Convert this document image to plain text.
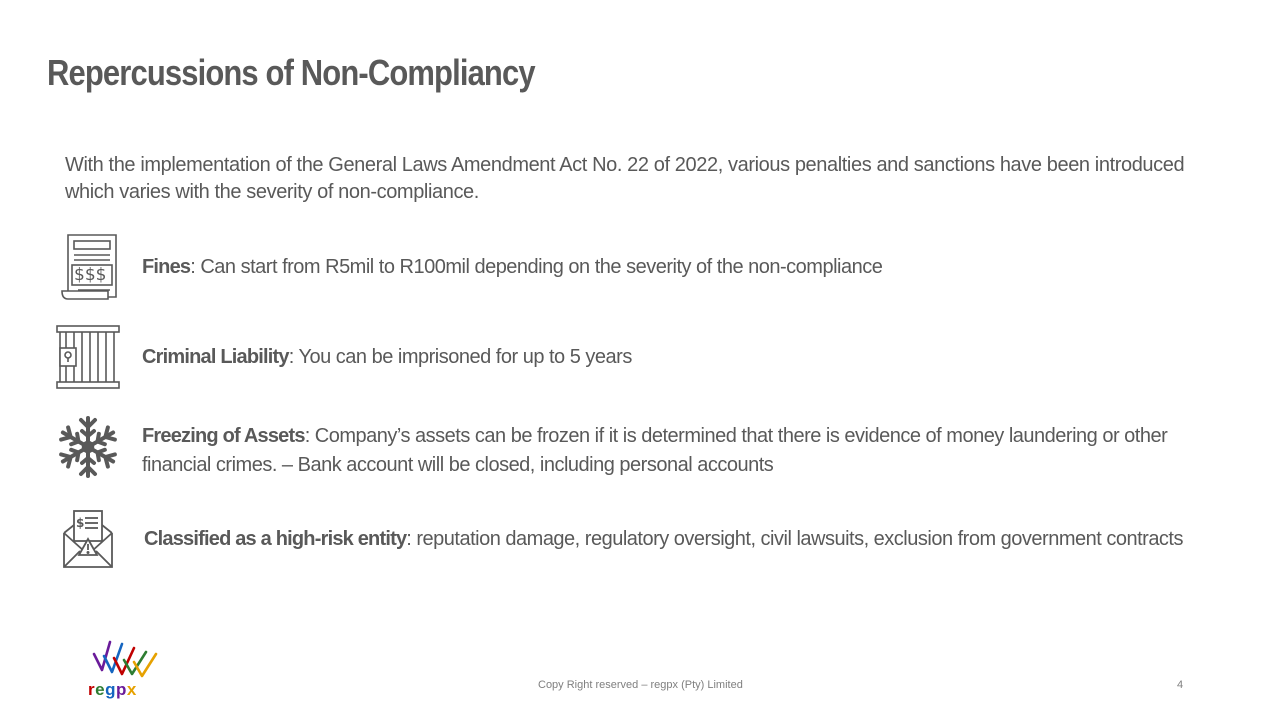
Repercussions of Non-Compliancy

With the implementation of the General Laws Amendment Act No. 22 of 2022, various penalties and sanctions have been introduced which varies with the severity of non-compliance.

$$$ Fines: Can start from R5mil to R100mil depending on the severity of the non-compliance
Criminal Liability: You can be imprisoned for up to 5 years
Freezing of Assets: Company’s assets can be frozen if it is determined that there is evidence of money laundering or other financial crimes. – Bank account will be closed, including personal accounts
$
Classified as a high-risk entity: reputation damage, regulatory oversight, civil lawsuits, exclusion from government contracts
regpx	Copy Right reserved – regpx (Pty) Limited	4
